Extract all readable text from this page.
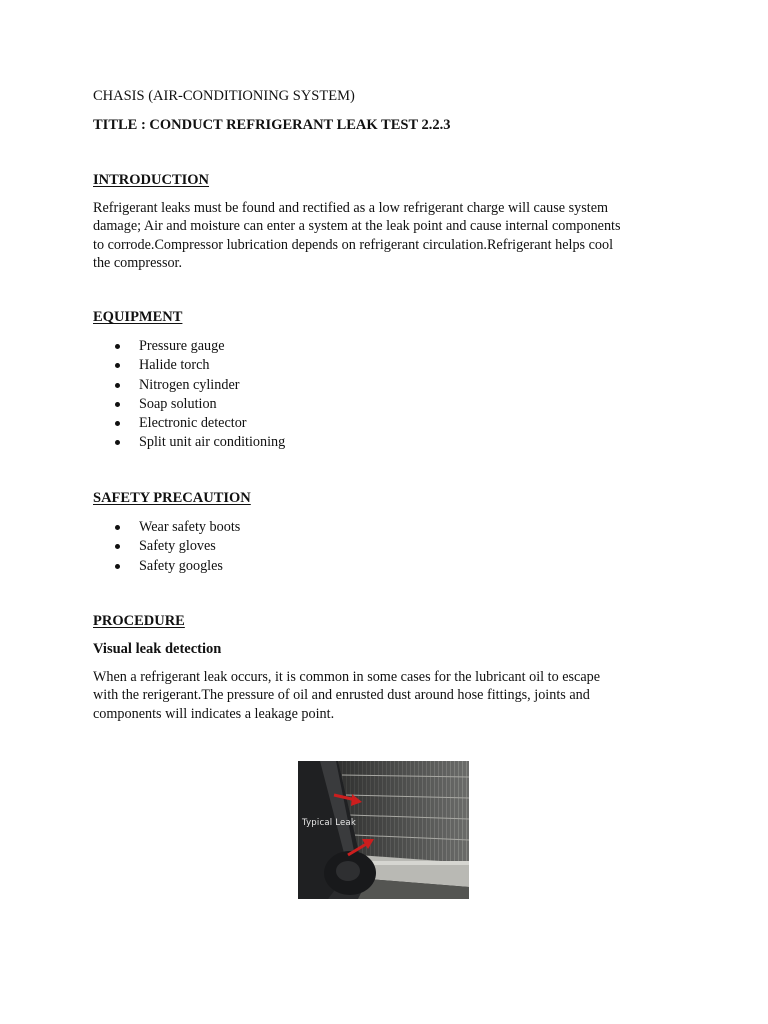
CHASIS (AIR-CONDITIONING SYSTEM)
TITLE : CONDUCT REFRIGERANT LEAK TEST 2.2.3
INTRODUCTION
Refrigerant leaks must be found and rectified as a low refrigerant charge will cause system
damage; Air and moisture can enter a system at the leak point and cause internal components
to corrode.Compressor lubrication depends on refrigerant circulation.Refrigerant helps cool
the compressor.
EQUIPMENT
Pressure gauge
Halide torch
Nitrogen cylinder
Soap solution
Electronic detector
Split unit air conditioning
SAFETY PRECAUTION
Wear safety boots
Safety gloves
Safety googles
PROCEDURE
Visual leak detection
When a refrigerant leak occurs, it is common in some cases for the lubricant oil to escape
with the rerigerant.The pressure of oil and enrusted dust around hose fittings, joints and
components will indicates a leakage point.
Typical Leak
